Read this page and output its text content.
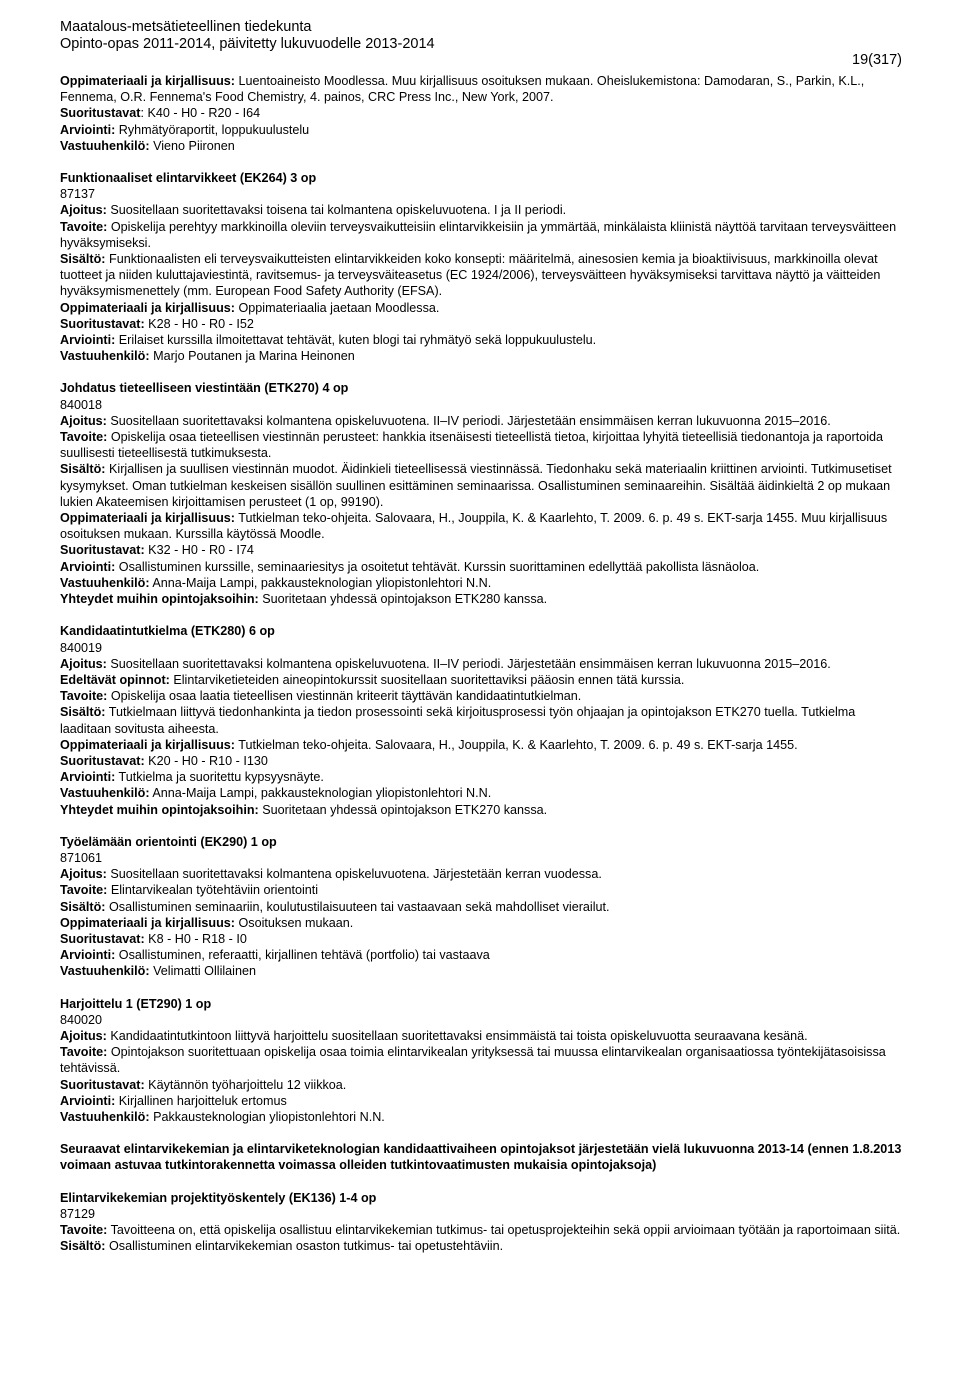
Maatalous-metsätieteellinen tiedekunta
Opinto-opas 2011-2014, päivitetty lukuvuodelle 2013-2014
19(317)

Oppimateriaali ja kirjallisuus: Luentoaineisto Moodlessa. Muu kirjallisuus osoituksen mukaan. Oheislukemistona: Damodaran, S., Parkin, K.L., Fennema, O.R. Fennema's Food Chemistry, 4. painos, CRC Press Inc., New York, 2007.

Suoritustavat: K40 - H0 - R20 - I64

Arviointi: Ryhmätyöraportit, loppukuulustelu

Vastuuhenkilö: Vieno Piironen

Funktionaaliset elintarvikkeet (EK264) 3 op

87137

Ajoitus: Suositellaan suoritettavaksi toisena tai kolmantena opiskeluvuotena. I ja II periodi.

Tavoite: Opiskelija perehtyy markkinoilla oleviin terveysvaikutteisiin elintarvikkeisiin ja ymmärtää, minkälaista kliinistä näyttöä tarvitaan terveysväitteen hyväksymiseksi.

Sisältö: Funktionaalisten eli terveysvaikutteisten elintarvikkeiden koko konsepti: määritelmä, ainesosien kemia ja bioaktiivisuus, markkinoilla olevat tuotteet ja niiden kuluttajaviestintä, ravitsemus- ja terveysväiteasetus (EC 1924/2006), terveysväitteen hyväksymiseksi tarvittava näyttö ja väitteiden hyväksymismenettely (mm. European Food Safety Authority (EFSA).

Oppimateriaali ja kirjallisuus: Oppimateriaalia jaetaan Moodlessa.

Suoritustavat: K28 - H0 - R0 - I52

Arviointi: Erilaiset kurssilla ilmoitettavat tehtävät, kuten blogi tai ryhmätyö sekä loppukuulustelu.

Vastuuhenkilö: Marjo Poutanen ja Marina Heinonen

Johdatus tieteelliseen viestintään (ETK270) 4 op

840018

Ajoitus: Suositellaan suoritettavaksi kolmantena opiskeluvuotena. II–IV periodi. Järjestetään ensimmäisen kerran lukuvuonna 2015–2016.

Tavoite: Opiskelija osaa tieteellisen viestinnän perusteet: hankkia itsenäisesti tieteellistä tietoa, kirjoittaa lyhyitä tieteellisiä tiedonantoja ja raportoida suullisesti tieteellisestä tutkimuksesta.

Sisältö: Kirjallisen ja suullisen viestinnän muodot. Äidinkieli tieteellisessä viestinnässä. Tiedonhaku sekä materiaalin kriittinen arviointi. Tutkimusetiset kysymykset. Oman tutkielman keskeisen sisällön suullinen esittäminen seminaarissa. Osallistuminen seminaareihin. Sisältää äidinkieltä 2 op mukaan lukien Akateemisen kirjoittamisen perusteet (1 op, 99190).

Oppimateriaali ja kirjallisuus: Tutkielman teko-ohjeita. Salovaara, H., Jouppila, K. & Kaarlehto, T. 2009. 6. p. 49 s. EKT-sarja 1455. Muu kirjallisuus osoituksen mukaan. Kurssilla käytössä Moodle.

Suoritustavat: K32 - H0 - R0 - I74

Arviointi: Osallistuminen kurssille, seminaariesitys ja osoitetut tehtävät. Kurssin suorittaminen edellyttää pakollista läsnäoloa.

Vastuuhenkilö: Anna-Maija Lampi, pakkausteknologian yliopistonlehtori N.N.

Yhteydet muihin opintojaksoihin: Suoritetaan yhdessä opintojakson ETK280 kanssa.

Kandidaatintutkielma (ETK280) 6 op

840019

Ajoitus: Suositellaan suoritettavaksi kolmantena opiskeluvuotena. II–IV periodi. Järjestetään ensimmäisen kerran lukuvuonna 2015–2016.

Edeltävät opinnot: Elintarviketieteiden aineopintokurssit suositellaan suoritettaviksi pääosin ennen tätä kurssia.

Tavoite: Opiskelija osaa laatia tieteellisen viestinnän kriteerit täyttävän kandidaatintutkielman.

Sisältö: Tutkielmaan liittyvä tiedonhankinta ja tiedon prosessointi sekä kirjoitusprosessi työn ohjaajan ja opintojakson ETK270 tuella. Tutkielma laaditaan sovitusta aiheesta.

Oppimateriaali ja kirjallisuus: Tutkielman teko-ohjeita. Salovaara, H., Jouppila, K. & Kaarlehto, T. 2009. 6. p. 49 s. EKT-sarja 1455.

Suoritustavat: K20 - H0 - R10 - I130

Arviointi: Tutkielma ja suoritettu kypsyysnäyte.

Vastuuhenkilö: Anna-Maija Lampi, pakkausteknologian yliopistonlehtori N.N.

Yhteydet muihin opintojaksoihin: Suoritetaan yhdessä opintojakson ETK270 kanssa.

Työelämään orientointi (EK290) 1 op

871061

Ajoitus: Suositellaan suoritettavaksi kolmantena opiskeluvuotena. Järjestetään kerran vuodessa.

Tavoite: Elintarvikealan työtehtäviin orientointi

Sisältö: Osallistuminen seminaariin, koulutustilaisuuteen tai vastaavaan sekä mahdolliset vierailut.

Oppimateriaali ja kirjallisuus: Osoituksen mukaan.

Suoritustavat: K8 - H0 - R18 - I0

Arviointi: Osallistuminen, referaatti, kirjallinen tehtävä (portfolio) tai vastaava

Vastuuhenkilö: Velimatti Ollilainen

Harjoittelu 1 (ET290) 1 op

840020

Ajoitus: Kandidaatintutkintoon liittyvä harjoittelu suositellaan suoritettavaksi ensimmäistä tai toista opiskeluvuotta seuraavana kesänä.

Tavoite: Opintojakson suoritettuaan opiskelija osaa toimia elintarvikealan yrityksessä tai muussa elintarvikealan organisaatiossa työntekijätasoisissa tehtävissä.

Suoritustavat: Käytännön työharjoittelu 12 viikkoa.

Arviointi: Kirjallinen harjoitteluk ertomus

Vastuuhenkilö: Pakkausteknologian yliopistonlehtori N.N.

Seuraavat elintarvikekemian ja elintarviketeknologian kandidaattivaiheen opintojaksot järjestetään vielä lukuvuonna 2013-14 (ennen 1.8.2013 voimaan astuvaa tutkintorakennetta voimassa olleiden tutkintovaatimusten mukaisia opintojaksoja)

Elintarvikekemian projektityöskentely (EK136) 1-4 op

87129

Tavoite: Tavoitteena on, että opiskelija osallistuu elintarvikekemian tutkimus- tai opetusprojekteihin sekä oppii arvioimaan työtään ja raportoimaan siitä.

Sisältö: Osallistuminen elintarvikekemian osaston tutkimus- tai opetustehtäviin.
